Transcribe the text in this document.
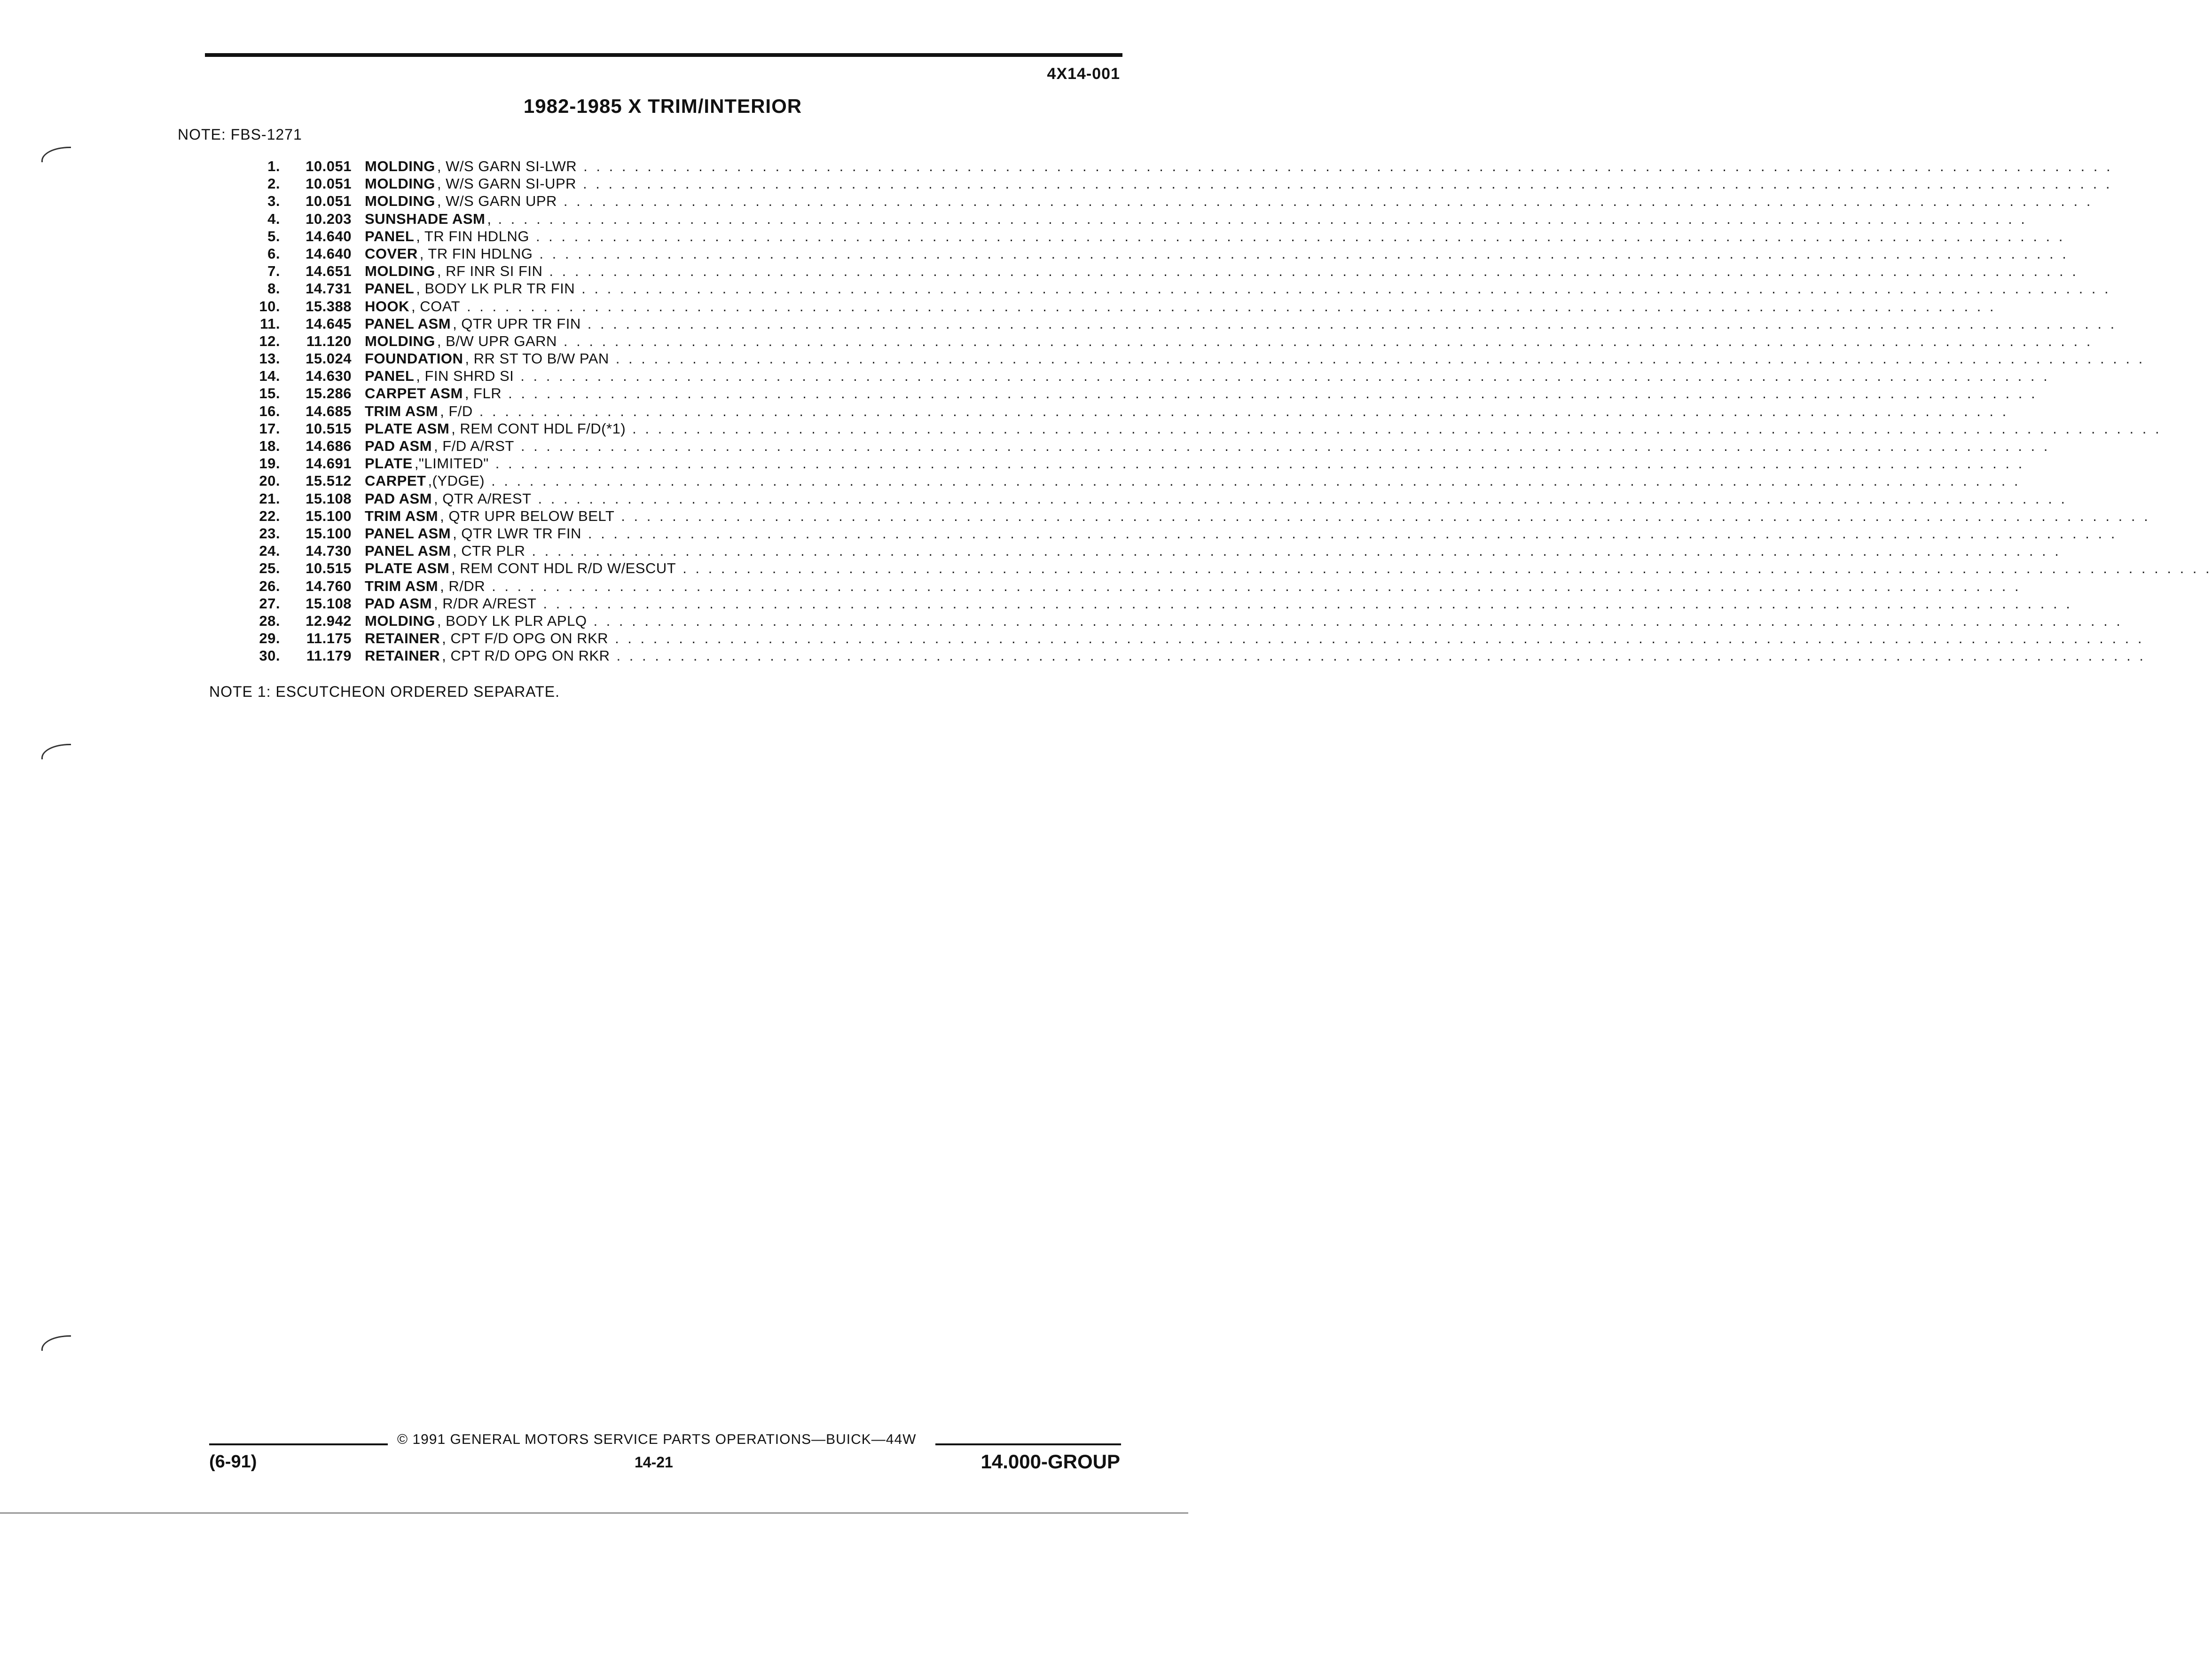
4X14-001
1982-1985 X TRIM/INTERIOR
NOTE: FBS-1271
1.	10.051 MOLDING , W/S GARN SI-LWR . . . . . . . . . . . . . . . . . . . . . . . . . . . . . . . . . . . . . . . . . . . . . . . . . . . . . . . . . . . . . . . . . . . . . . . . . . . . . . . . . . . . . . . . . . . . . . . . . . . . . . . . . . . . . . . . . . . . . . . .
2.	10.051 MOLDING , W/S GARN SI-UPR . . . . . . . . . . . . . . . . . . . . . . . . . . . . . . . . . . . . . . . . . . . . . . . . . . . . . . . . . . . . . . . . . . . . . . . . . . . . . . . . . . . . . . . . . . . . . . . . . . . . . . . . . . . . . . . . . . . . . . . .
3.	10.051 MOLDING , W/S GARN UPR . . . . . . . . . . . . . . . . . . . . . . . . . . . . . . . . . . . . . . . . . . . . . . . . . . . . . . . . . . . . . . . . . . . . . . . . . . . . . . . . . . . . . . . . . . . . . . . . . . . . . . . . . . . . . . . . . . . . . . . .
4.	10.203 SUNSHADE ASM , . . . . . . . . . . . . . . . . . . . . . . . . . . . . . . . . . . . . . . . . . . . . . . . . . . . . . . . . . . . . . . . . . . . . . . . . . . . . . . . . . . . . . . . . . . . . . . . . . . . . . . . . . . . . . . . . . . . . . . . .
5.	14.640 PANEL , TR FIN HDLNG . . . . . . . . . . . . . . . . . . . . . . . . . . . . . . . . . . . . . . . . . . . . . . . . . . . . . . . . . . . . . . . . . . . . . . . . . . . . . . . . . . . . . . . . . . . . . . . . . . . . . . . . . . . . . . . . . . . . . . . .
6.	14.640 COVER , TR FIN HDLNG . . . . . . . . . . . . . . . . . . . . . . . . . . . . . . . . . . . . . . . . . . . . . . . . . . . . . . . . . . . . . . . . . . . . . . . . . . . . . . . . . . . . . . . . . . . . . . . . . . . . . . . . . . . . . . . . . . . . . . . .
7.	14.651 MOLDING , RF INR SI FIN . . . . . . . . . . . . . . . . . . . . . . . . . . . . . . . . . . . . . . . . . . . . . . . . . . . . . . . . . . . . . . . . . . . . . . . . . . . . . . . . . . . . . . . . . . . . . . . . . . . . . . . . . . . . . . . . . . . . . . . .
8.	14.731 PANEL , BODY LK PLR TR FIN . . . . . . . . . . . . . . . . . . . . . . . . . . . . . . . . . . . . . . . . . . . . . . . . . . . . . . . . . . . . . . . . . . . . . . . . . . . . . . . . . . . . . . . . . . . . . . . . . . . . . . . . . . . . . . . . . . . . . . . .
10.	15.388 HOOK , COAT . . . . . . . . . . . . . . . . . . . . . . . . . . . . . . . . . . . . . . . . . . . . . . . . . . . . . . . . . . . . . . . . . . . . . . . . . . . . . . . . . . . . . . . . . . . . . . . . . . . . . . . . . . . . . . . . . . . . . . . .
11.	14.645 PANEL ASM , QTR UPR TR FIN . . . . . . . . . . . . . . . . . . . . . . . . . . . . . . . . . . . . . . . . . . . . . . . . . . . . . . . . . . . . . . . . . . . . . . . . . . . . . . . . . . . . . . . . . . . . . . . . . . . . . . . . . . . . . . . . . . . . . . . .
12.	11.120 MOLDING , B/W UPR GARN . . . . . . . . . . . . . . . . . . . . . . . . . . . . . . . . . . . . . . . . . . . . . . . . . . . . . . . . . . . . . . . . . . . . . . . . . . . . . . . . . . . . . . . . . . . . . . . . . . . . . . . . . . . . . . . . . . . . . . . .
13.	15.024 FOUNDATION , RR ST TO B/W PAN . . . . . . . . . . . . . . . . . . . . . . . . . . . . . . . . . . . . . . . . . . . . . . . . . . . . . . . . . . . . . . . . . . . . . . . . . . . . . . . . . . . . . . . . . . . . . . . . . . . . . . . . . . . . . . . . . . . . . . . .
14.	14.630 PANEL , FIN SHRD SI . . . . . . . . . . . . . . . . . . . . . . . . . . . . . . . . . . . . . . . . . . . . . . . . . . . . . . . . . . . . . . . . . . . . . . . . . . . . . . . . . . . . . . . . . . . . . . . . . . . . . . . . . . . . . . . . . . . . . . . .
15.	15.286 CARPET ASM , FLR . . . . . . . . . . . . . . . . . . . . . . . . . . . . . . . . . . . . . . . . . . . . . . . . . . . . . . . . . . . . . . . . . . . . . . . . . . . . . . . . . . . . . . . . . . . . . . . . . . . . . . . . . . . . . . . . . . . . . . . .
16.	14.685 TRIM ASM , F/D . . . . . . . . . . . . . . . . . . . . . . . . . . . . . . . . . . . . . . . . . . . . . . . . . . . . . . . . . . . . . . . . . . . . . . . . . . . . . . . . . . . . . . . . . . . . . . . . . . . . . . . . . . . . . . . . . . . . . . . .
17.	10.515 PLATE ASM , REM CONT HDL F/D(*1) . . . . . . . . . . . . . . . . . . . . . . . . . . . . . . . . . . . . . . . . . . . . . . . . . . . . . . . . . . . . . . . . . . . . . . . . . . . . . . . . . . . . . . . . . . . . . . . . . . . . . . . . . . . . . . . . . . . . . . . .
18.	14.686 PAD ASM , F/D A/RST . . . . . . . . . . . . . . . . . . . . . . . . . . . . . . . . . . . . . . . . . . . . . . . . . . . . . . . . . . . . . . . . . . . . . . . . . . . . . . . . . . . . . . . . . . . . . . . . . . . . . . . . . . . . . . . . . . . . . . . .
19.	14.691 PLATE ,"LIMITED" . . . . . . . . . . . . . . . . . . . . . . . . . . . . . . . . . . . . . . . . . . . . . . . . . . . . . . . . . . . . . . . . . . . . . . . . . . . . . . . . . . . . . . . . . . . . . . . . . . . . . . . . . . . . . . . . . . . . . . . .
20.	15.512 CARPET ,(YDGE) . . . . . . . . . . . . . . . . . . . . . . . . . . . . . . . . . . . . . . . . . . . . . . . . . . . . . . . . . . . . . . . . . . . . . . . . . . . . . . . . . . . . . . . . . . . . . . . . . . . . . . . . . . . . . . . . . . . . . . . .
21.	15.108 PAD ASM , QTR A/REST . . . . . . . . . . . . . . . . . . . . . . . . . . . . . . . . . . . . . . . . . . . . . . . . . . . . . . . . . . . . . . . . . . . . . . . . . . . . . . . . . . . . . . . . . . . . . . . . . . . . . . . . . . . . . . . . . . . . . . . .
22.	15.100 TRIM ASM , QTR UPR BELOW BELT . . . . . . . . . . . . . . . . . . . . . . . . . . . . . . . . . . . . . . . . . . . . . . . . . . . . . . . . . . . . . . . . . . . . . . . . . . . . . . . . . . . . . . . . . . . . . . . . . . . . . . . . . . . . . . . . . . . . . . . .
23.	15.100 PANEL ASM , QTR LWR TR FIN . . . . . . . . . . . . . . . . . . . . . . . . . . . . . . . . . . . . . . . . . . . . . . . . . . . . . . . . . . . . . . . . . . . . . . . . . . . . . . . . . . . . . . . . . . . . . . . . . . . . . . . . . . . . . . . . . . . . . . . .
24.	14.730 PANEL ASM , CTR PLR . . . . . . . . . . . . . . . . . . . . . . . . . . . . . . . . . . . . . . . . . . . . . . . . . . . . . . . . . . . . . . . . . . . . . . . . . . . . . . . . . . . . . . . . . . . . . . . . . . . . . . . . . . . . . . . . . . . . . . . .
25.	10.515 PLATE ASM , REM CONT HDL R/D W/ESCUT . . . . . . . . . . . . . . . . . . . . . . . . . . . . . . . . . . . . . . . . . . . . . . . . . . . . . . . . . . . . . . . . . . . . . . . . . . . . . . . . . . . . . . . . . . . . . . . . . . . . . . . . . . . . . . . . . . . . . . . .
26.	14.760 TRIM ASM , R/DR . . . . . . . . . . . . . . . . . . . . . . . . . . . . . . . . . . . . . . . . . . . . . . . . . . . . . . . . . . . . . . . . . . . . . . . . . . . . . . . . . . . . . . . . . . . . . . . . . . . . . . . . . . . . . . . . . . . . . . . .
27.	15.108 PAD ASM , R/DR A/REST . . . . . . . . . . . . . . . . . . . . . . . . . . . . . . . . . . . . . . . . . . . . . . . . . . . . . . . . . . . . . . . . . . . . . . . . . . . . . . . . . . . . . . . . . . . . . . . . . . . . . . . . . . . . . . . . . . . . . . . .
28.	12.942 MOLDING , BODY LK PLR APLQ . . . . . . . . . . . . . . . . . . . . . . . . . . . . . . . . . . . . . . . . . . . . . . . . . . . . . . . . . . . . . . . . . . . . . . . . . . . . . . . . . . . . . . . . . . . . . . . . . . . . . . . . . . . . . . . . . . . . . . . .
29.	11.175 RETAINER , CPT F/D OPG ON RKR . . . . . . . . . . . . . . . . . . . . . . . . . . . . . . . . . . . . . . . . . . . . . . . . . . . . . . . . . . . . . . . . . . . . . . . . . . . . . . . . . . . . . . . . . . . . . . . . . . . . . . . . . . . . . . . . . . . . . . . .
30.	11.179 RETAINER , CPT R/D OPG ON RKR . . . . . . . . . . . . . . . . . . . . . . . . . . . . . . . . . . . . . . . . . . . . . . . . . . . . . . . . . . . . . . . . . . . . . . . . . . . . . . . . . . . . . . . . . . . . . . . . . . . . . . . . . . . . . . . . . . . . . . . .
NOTE 1: ESCUTCHEON ORDERED SEPARATE.
© 1991 GENERAL MOTORS SERVICE PARTS OPERATIONS—BUICK—44W
(6-91)	14-21	14.000-GROUP
